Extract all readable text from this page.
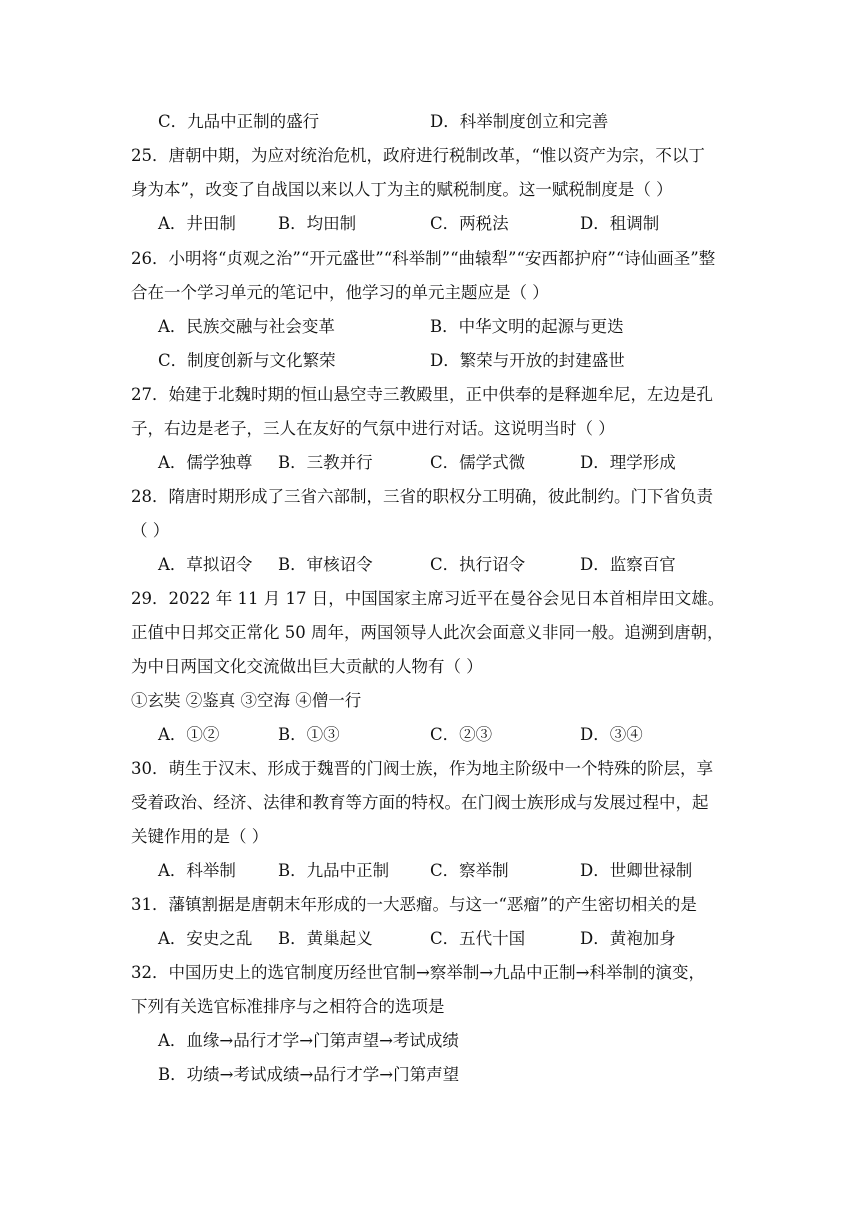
C．九品中正制的盛行	D．科举制度创立和完善
25．唐朝中期，为应对统治危机，政府进行税制改革，“惟以资产为宗，不以丁
身为本”，改变了自战国以来以人丁为主的赋税制度。这一赋税制度是（ ）
A．井田制	B．均田制	C．两税法	D．租调制
26．小明将“贞观之治”“开元盛世”“科举制”“曲辕犁”“安西都护府”“诗仙画圣”整
合在一个学习单元的笔记中，他学习的单元主题应是（ ）
A．民族交融与社会变革	B．中华文明的起源与更迭
C．制度创新与文化繁荣	D．繁荣与开放的封建盛世
27．始建于北魏时期的恒山悬空寺三教殿里，正中供奉的是释迦牟尼，左边是孔
子，右边是老子，三人在友好的气氛中进行对话。这说明当时（ ）
A．儒学独尊 B．三教并行	C．儒学式微	D．理学形成
28．隋唐时期形成了三省六部制，三省的职权分工明确，彼此制约。门下省负责
（ ）
A．草拟诏令 B．审核诏令	C．执行诏令	D．监察百官
29．2022 年 11 月 17 日，中国国家主席习近平在曼谷会见日本首相岸田文雄。
正值中日邦交正常化 50 周年，两国领导人此次会面意义非同一般。追溯到唐朝，
为中日两国文化交流做出巨大贡献的人物有（ ）
①玄奘 ②鉴真 ③空海 ④僧一行
A．①②	B．①③	C．②③	D．③④
30．萌生于汉末、形成于魏晋的门阀士族，作为地主阶级中一个特殊的阶层，享
受着政治、经济、法律和教育等方面的特权。在门阀士族形成与发展过程中，起
关键作用的是（ ）
A．科举制	B．九品中正制 C．察举制	D．世卿世禄制
31．藩镇割据是唐朝末年形成的一大恶瘤。与这一“恶瘤”的产生密切相关的是
A．安史之乱 B．黄巢起义	C．五代十国	D．黄袍加身
32．中国历史上的选官制度历经世官制→察举制→九品中正制→科举制的演变，
下列有关选官标准排序与之相符合的选项是
A．血缘→品行才学→门第声望→考试成绩
B．功绩→考试成绩→品行才学→门第声望
